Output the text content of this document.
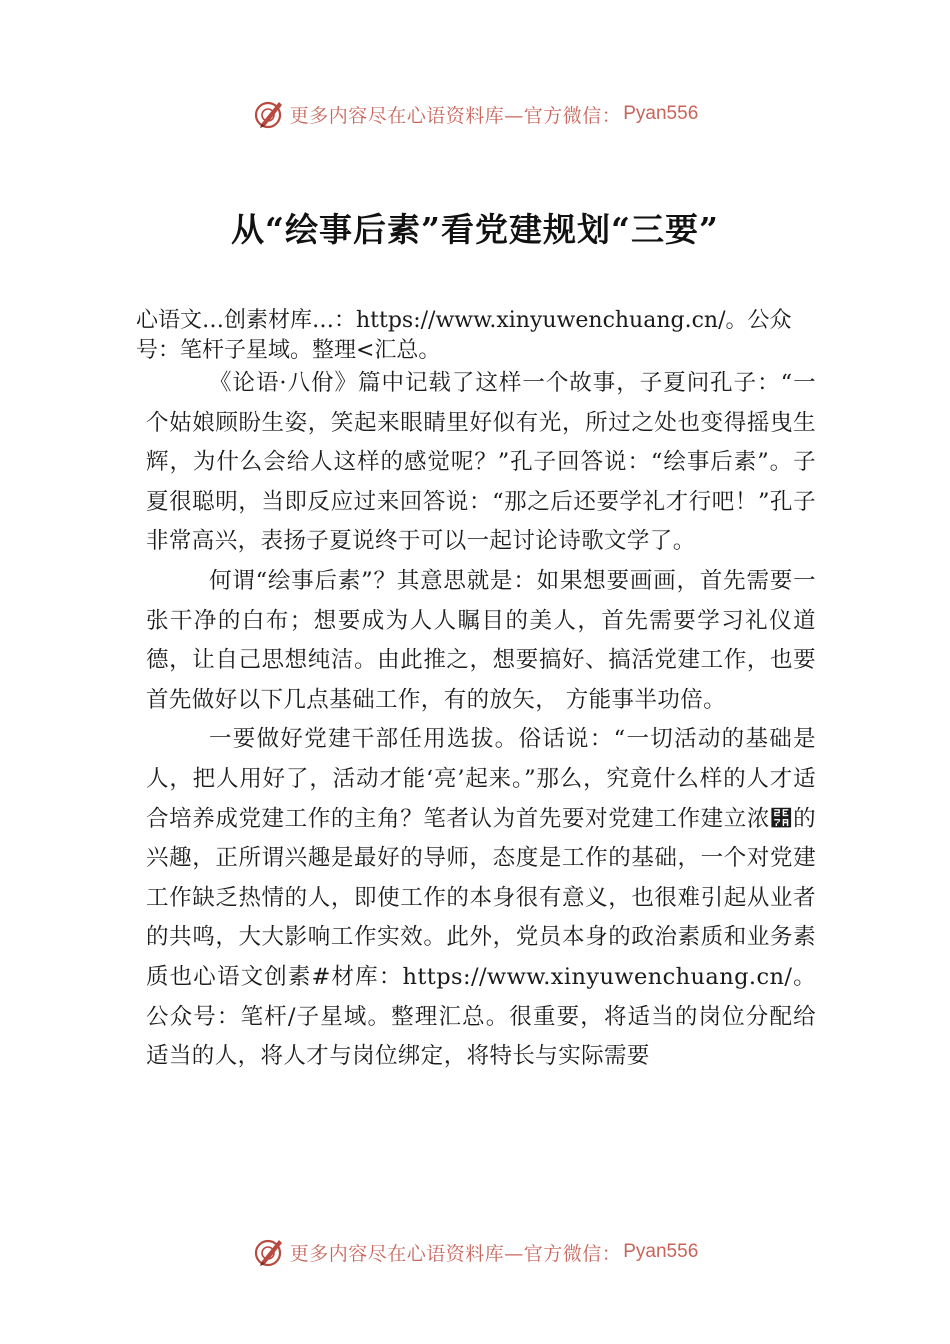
更多内容尽在心语资料库—官方微信： Pyan556
从“绘事后素”看党建规划“三要”

心语文…创素材库…：https://www.xinyuwenchuang.cn/。公众号：笔杆子星域。整理<汇总。

《论语·八佾》篇中记载了这样一个故事，子夏问孔子：“一个姑娘顾盼生姿，笑起来眼睛里好似有光，所过之处也变得摇曳生辉，为什么会给人这样的感觉呢？”孔子回答说：“绘事后素”。子夏很聪明，当即反应过来回答说：“那之后还要学礼才行吧！”孔子非常高兴，表扬子夏说终于可以一起讨论诗歌文学了。

何谓“绘事后素”？其意思就是：如果想要画画，首先需要一张干净的白布；想要成为人人瞩目的美人，首先需要学习礼仪道德，让自己思想纯洁。由此推之，想要搞好、搞活党建工作，也要首先做好以下几点基础工作，有的放矢， 方能事半功倍。

一要做好党建干部任用选拔。俗话说：“一切活动的基础是人，把人用好了，活动才能‘亮’起来。”那么，究竟什么样的人才适合培养成党建工作的主角？笔者认为首先要对党建工作建立浓⹺的兴趣，正所谓兴趣是最好的导师，态度是工作的基础，一个对党建工作缺乏热情的人，即使工作的本身很有意义，也很难引起从业者的共鸣，大大影响工作实效。此外，党员本身的政治素质和业务素质也心语文创素#材库：https://www.xinyuwenchuang.cn/。公众号：笔杆/子星域。整理汇总。很重要，将适当的岗位分配给适当的人，将人才与岗位绑定，将特长与实际需要

更多内容尽在心语资料库—官方微信： Pyan556
